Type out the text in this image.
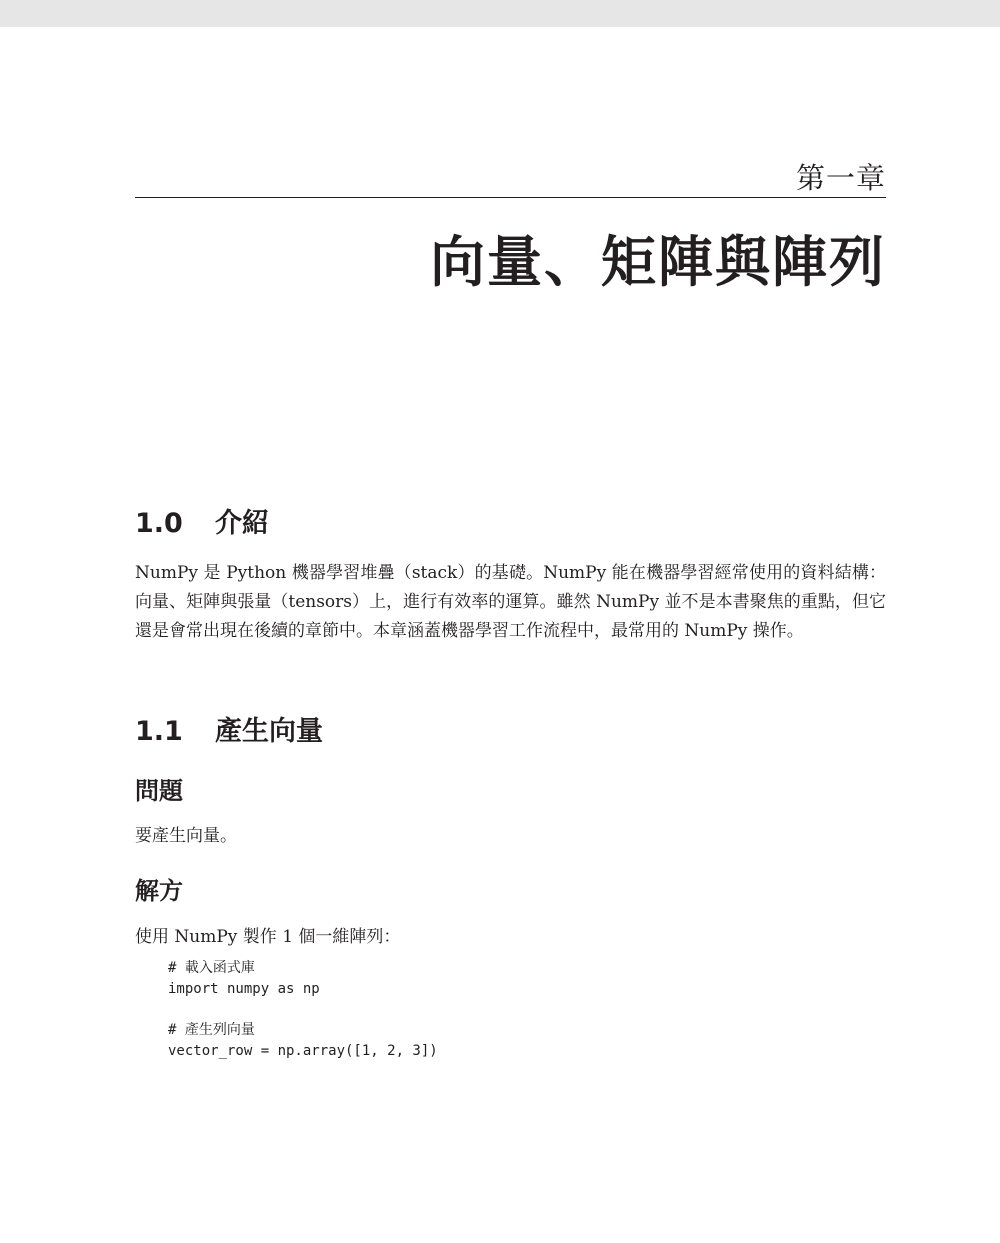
第一章
向量、矩陣與陣列
1.0 介紹

NumPy 是 Python 機器學習堆疊（stack）的基礎。NumPy 能在機器學習經常使用的資料結構：向量、矩陣與張量（tensors）上，進行有效率的運算。雖然 NumPy 並不是本書聚焦的重點，但它還是會常出現在後續的章節中。本章涵蓋機器學習工作流程中，最常用的 NumPy 操作。

1.1 產生向量
問題

要產生向量。

解方

使用 NumPy 製作 1 個一維陣列：

# 載入函式庫
import numpy as np
# 產生列向量
vector_row = np.array([1, 2, 3])
